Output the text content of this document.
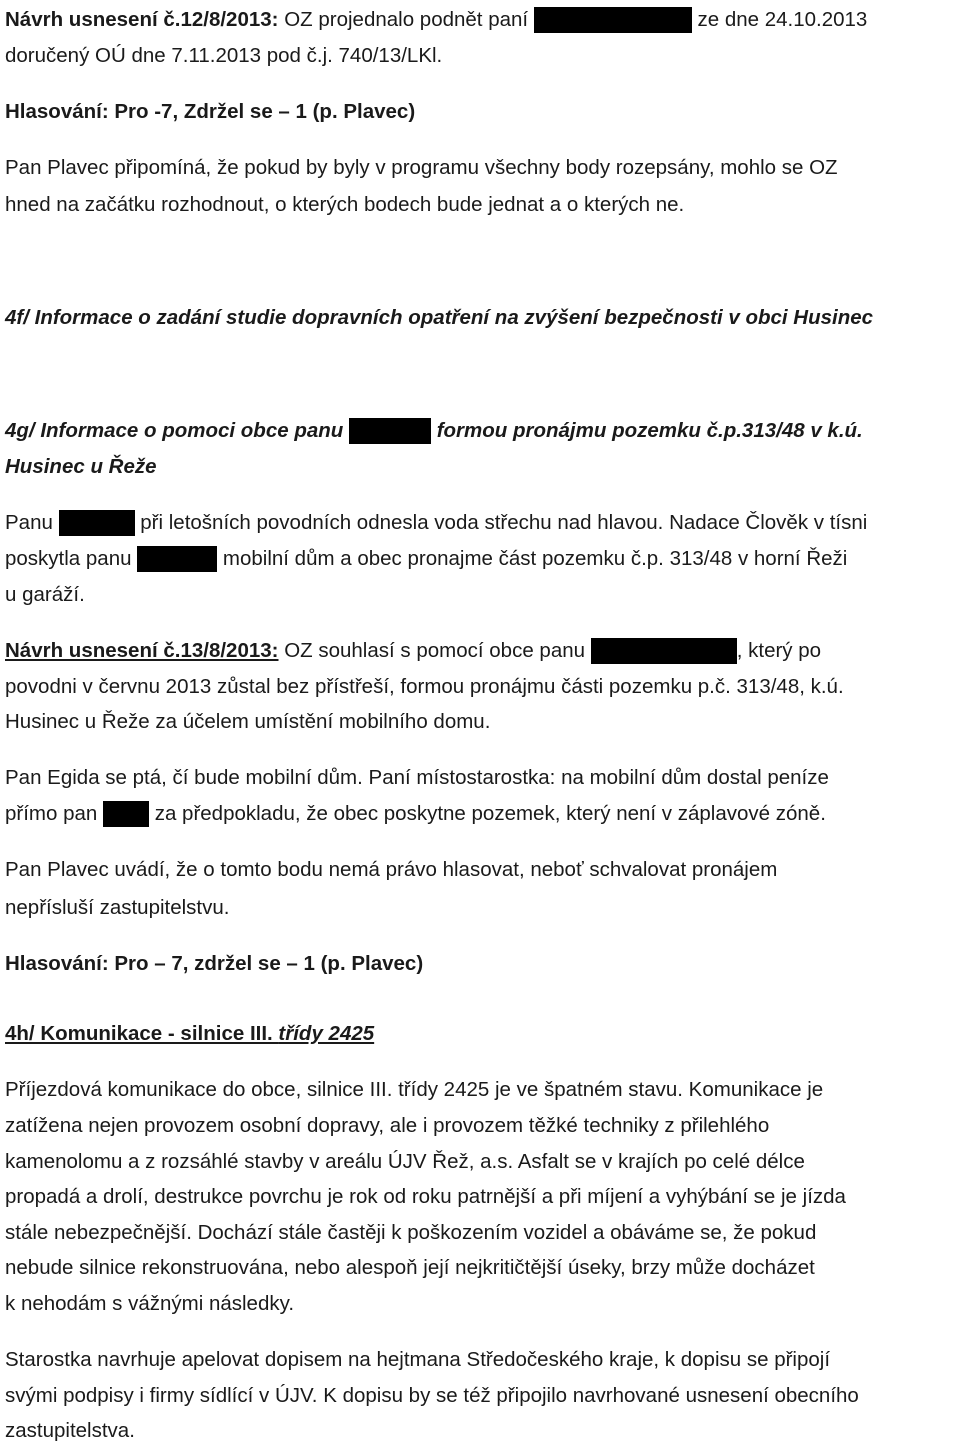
Návrh usnesení č.12/8/2013: OZ projednalo podnět paní	ze dne 24.10.2013
doručený OÚ dne 7.11.2013 pod č.j. 740/13/LKl.
Hlasování: Pro -7, Zdržel se – 1 (p. Plavec)
Pan Plavec připomíná, že pokud by byly v programu všechny body rozepsány, mohlo se OZ
hned na začátku rozhodnout, o kterých bodech bude jednat a o kterých ne.
4f/ Informace o zadání studie dopravních opatření na zvýšení bezpečnosti v obci Husinec
4g/ Informace o pomoci obce panu	formou pronájmu pozemku č.p.313/48 v k.ú.
Husinec u Řeže
Panu	při letošních povodních odnesla voda střechu nad hlavou. Nadace Člověk v tísni
poskytla panu	mobilní dům a obec pronajme část pozemku č.p. 313/48 v horní Řeži
u garáží.
Návrh usnesení č.13/8/2013: OZ souhlasí s pomocí obce panu	, který po
povodni v červnu 2013 zůstal bez přístřeší, formou pronájmu části pozemku p.č. 313/48, k.ú.
Husinec u Řeže za účelem umístění mobilního domu.
Pan Egida se ptá, čí bude mobilní dům. Paní místostarostka: na mobilní dům dostal peníze
přímo pan  za předpokladu, že obec poskytne pozemek, který není v záplavové zóně.
Pan Plavec uvádí, že o tomto bodu nemá právo hlasovat, neboť schvalovat pronájem
nepřísluší zastupitelstvu.
Hlasování: Pro – 7, zdržel se – 1 (p. Plavec)
4h/ Komunikace - silnice III. třídy 2425
Příjezdová komunikace do obce, silnice III. třídy 2425 je ve špatném stavu. Komunikace je
zatížena nejen provozem osobní dopravy, ale i provozem těžké techniky z přilehlého
kamenolomu a z rozsáhlé stavby v areálu ÚJV Řež, a.s. Asfalt se v krajích po celé délce
propadá a drolí, destrukce povrchu je rok od roku patrnější a při míjení a vyhýbání se je jízda
stále nebezpečnější. Dochází stále častěji k poškozením vozidel a obáváme se, že pokud
nebude silnice rekonstruována, nebo alespoň její nejkritičtější úseky, brzy může docházet
k nehodám s vážnými následky.
Starostka navrhuje apelovat dopisem na hejtmana Středočeského kraje, k dopisu se připojí
svými podpisy i firmy sídlící v ÚJV. K dopisu by se též připojilo navrhované usnesení obecního
zastupitelstva.
